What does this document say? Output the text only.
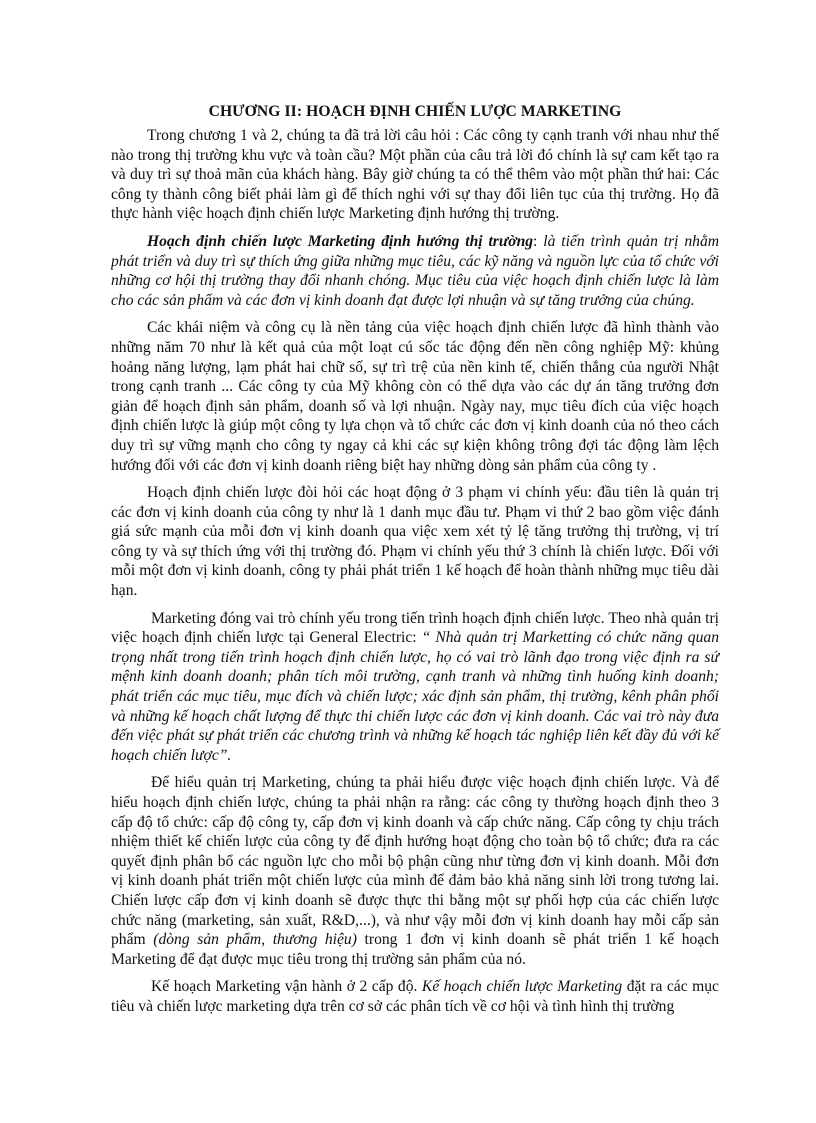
CHƯƠNG II: HOẠCH ĐỊNH CHIẾN LƯỢC MARKETING

Trong chương 1 và 2, chúng ta đã trả lời câu hỏi : Các công ty cạnh tranh với nhau như thế nào trong thị trường khu vực và toàn cầu? Một phần của câu trả lời đó chính là sự cam kết tạo ra và duy trì sự thoả mãn của khách hàng. Bây giờ chúng ta có thể thêm vào một phần thứ hai: Các công ty thành công biết phải làm gì để thích nghi với sự thay đổi liên tục của thị trường. Họ đã thực hành việc hoạch định chiến lược Marketing định hướng thị trường.

Hoạch định chiến lược Marketing định hướng thị trường: là tiến trình quản trị nhằm phát triển và duy trì sự thích ứng giữa những mục tiêu, các kỹ năng và nguồn lực của tổ chức với những cơ hội thị trường thay đổi nhanh chóng. Mục tiêu của việc hoạch định chiến lược là làm cho các sản phẩm và các đơn vị kinh doanh đạt được lợi nhuận và sự tăng trưởng của chúng.

Các khái niệm và công cụ là nền tảng của việc hoạch định chiến lược đã hình thành vào những năm 70 như là kết quả của một loạt cú sốc tác động đến nền công nghiệp Mỹ: khủng hoảng năng lượng, lạm phát hai chữ số, sự trì trệ của nền kinh tế, chiến thắng của người Nhật trong cạnh tranh ... Các công ty của Mỹ không còn có thể dựa vào các dự án tăng trưởng đơn giản để hoạch định sản phẩm, doanh số và lợi nhuận. Ngày nay, mục tiêu đích của việc hoạch định chiến lược là giúp một công ty lựa chọn và tổ chức các đơn vị kinh doanh của nó theo cách duy trì sự vững mạnh cho công ty ngay cả khi các sự kiện không trông đợi tác động làm lệch hướng đối với các đơn vị kinh doanh riêng biệt hay những dòng sản phẩm của công ty .

Hoạch định chiến lược đòi hỏi các hoạt động ở 3 phạm vi chính yếu: đầu tiên là quản trị các đơn vị kinh doanh của công ty như là 1 danh mục đầu tư. Phạm vi thứ 2 bao gồm việc đánh giá sức mạnh của mỗi đơn vị kinh doanh qua việc xem xét tỷ lệ tăng trưởng thị trường, vị trí công ty và sự thích ứng với thị trường đó. Phạm vi chính yếu thứ 3 chính là chiến lược. Đối với mỗi một đơn vị kinh doanh, công ty phải phát triển 1 kế hoạch để hoàn thành những mục tiêu dài hạn.

Marketing đóng vai trò chính yếu trong tiến trình hoạch định chiến lược. Theo nhà quản trị việc hoạch định chiến lược tại General Electric: “ Nhà quản trị Marketting có chức năng quan trọng nhất trong tiến trình hoạch định chiến lược, họ có vai trò lãnh đạo trong việc định ra sứ mệnh kinh doanh doanh; phân tích môi trường, cạnh tranh và những tình huống kinh doanh; phát triển các mục tiêu, mục đích và chiến lược; xác định sản phẩm, thị trường, kênh phân phối và những kế hoạch chất lượng để thực thi chiến lược các đơn vị kinh doanh. Các vai trò này đưa đến việc phát sự phát triển các chương trình và những kế hoạch tác nghiệp liên kết đầy đủ với kế hoạch chiến lược”.

Để hiểu quản trị Marketing, chúng ta phải hiểu được việc hoạch định chiến lược. Và để hiểu hoạch định chiến lược, chúng ta phải nhận ra rằng: các công ty thường hoạch định theo 3 cấp độ tổ chức: cấp độ công ty, cấp đơn vị kinh doanh và cấp chức năng. Cấp công ty chịu trách nhiệm thiết kế chiến lược của công ty để định hướng hoạt động cho toàn bộ tổ chức; đưa ra các quyết định phân bổ các nguồn lực cho mỗi bộ phận cũng như từng đơn vị kinh doanh. Mỗi đơn vị kinh doanh phát triển một chiến lược của mình để đảm bảo khả năng sinh lời trong tương lai. Chiến lược cấp đơn vị kinh doanh sẽ được thực thi bằng một sự phối hợp của các chiến lược chức năng (marketing, sản xuất, R&D,...), và như vậy mỗi đơn vị kinh doanh hay mỗi cấp sản phẩm (dòng sản phẩm, thương hiệu) trong 1 đơn vị kinh doanh sẽ phát triển 1 kế hoạch Marketing để đạt được mục tiêu trong thị trường sản phẩm của nó.

Kế hoạch Marketing vận hành ở 2 cấp độ. Kế hoạch chiến lược Marketing đặt ra các mục tiêu và chiến lược marketing dựa trên cơ sở các phân tích về cơ hội và tình hình thị trường
